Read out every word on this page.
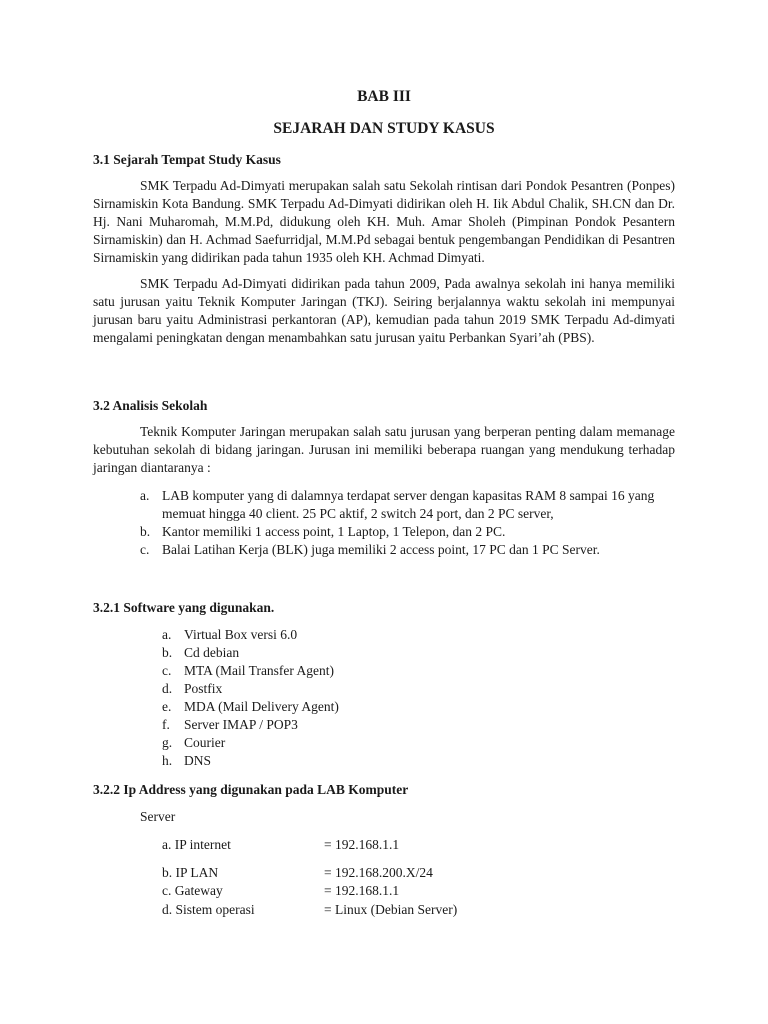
BAB III
SEJARAH DAN STUDY KASUS
3.1 Sejarah Tempat Study Kasus

SMK Terpadu Ad-Dimyati merupakan salah satu Sekolah rintisan dari Pondok Pesantren (Ponpes) Sirnamiskin Kota Bandung. SMK Terpadu Ad-Dimyati didirikan oleh H. Iik Abdul Chalik, SH.CN dan Dr. Hj. Nani Muharomah, M.M.Pd, didukung oleh KH. Muh. Amar Sholeh (Pimpinan Pondok Pesantern Sirnamiskin) dan H. Achmad Saefurridjal, M.M.Pd sebagai bentuk pengembangan Pendidikan di Pesantren Sirnamiskin yang didirikan pada tahun 1935 oleh KH. Achmad Dimyati.

SMK Terpadu Ad-Dimyati didirikan pada tahun 2009, Pada awalnya sekolah ini hanya memiliki satu jurusan yaitu Teknik Komputer Jaringan (TKJ). Seiring berjalannya waktu sekolah ini mempunyai jurusan baru yaitu Administrasi perkantoran (AP), kemudian pada tahun 2019 SMK Terpadu Ad-dimyati mengalami peningkatan dengan menambahkan satu jurusan yaitu Perbankan Syari’ah (PBS).

3.2 Analisis Sekolah

Teknik Komputer Jaringan merupakan salah satu jurusan yang berperan penting dalam memanage kebutuhan sekolah di bidang jaringan. Jurusan ini memiliki beberapa ruangan yang mendukung terhadap jaringan diantaranya :

a. LAB komputer yang di dalamnya terdapat server dengan kapasitas RAM 8 sampai 16 yang memuat hingga 40 client. 25 PC aktif, 2 switch 24 port, dan 2 PC server,
b. Kantor memiliki 1 access point, 1 Laptop, 1 Telepon, dan 2 PC.
c. Balai Latihan Kerja (BLK) juga memiliki 2 access point, 17 PC dan 1 PC Server.
3.2.1 Software yang digunakan.
a. Virtual Box versi 6.0
b. Cd debian
c. MTA (Mail Transfer Agent)
d. Postfix
e. MDA (Mail Delivery Agent)
f. Server IMAP / POP3
g. Courier
h. DNS
3.2.2 Ip Address yang digunakan pada LAB Komputer
Server
a. IP internet	= 192.168.1.1
b. IP LAN	= 192.168.200.X/24
c. Gateway	= 192.168.1.1
d. Sistem operasi	= Linux (Debian Server)
